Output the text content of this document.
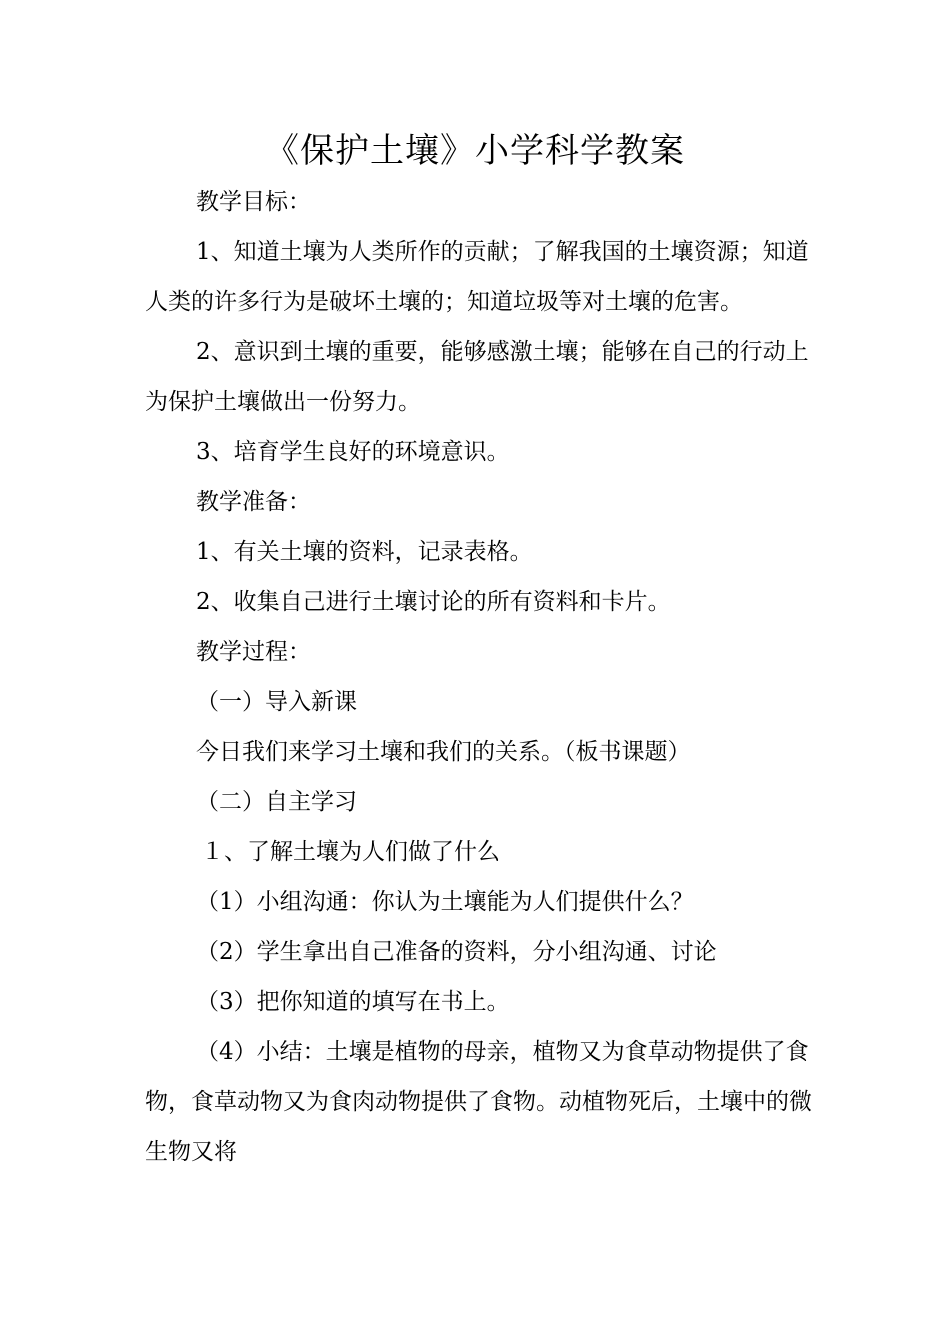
《保护土壤》小学科学教案

教学目标：

1、知道土壤为人类所作的贡献；了解我国的土壤资源；知道人类的许多行为是破坏土壤的；知道垃圾等对土壤的危害。

2、意识到土壤的重要，能够感激土壤；能够在自己的行动上为保护土壤做出一份努力。

3、培育学生良好的环境意识。

教学准备：

1、有关土壤的资料，记录表格。

2、收集自己进行土壤讨论的所有资料和卡片。

教学过程：

（一）导入新课

今日我们来学习土壤和我们的关系。（板书课题）

（二）自主学习

１、了解土壤为人们做了什么

（1）小组沟通：你认为土壤能为人们提供什么？

（2）学生拿出自己准备的资料，分小组沟通、讨论

（3）把你知道的填写在书上。

（4）小结：土壤是植物的母亲，植物又为食草动物提供了食物，食草动物又为食肉动物提供了食物。动植物死后，土壤中的微生物又将
